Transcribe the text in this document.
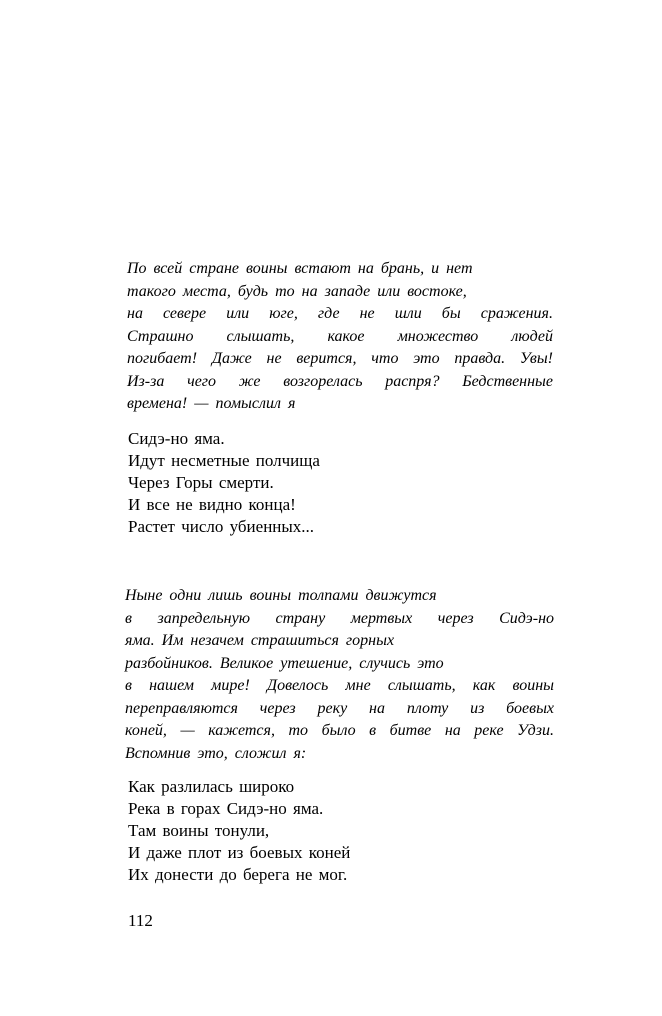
По всей стране воины встают на брань, и нет
такого места, будь то на западе или востоке,
на севере или юге, где не шли бы сражения.
Страшно слышать, какое множество людей
погибает! Даже не верится, что это правда. Увы!
Из-за чего же возгорелась распря? Бедственные
времена! — помыслил я
Сидэ-но яма.
Идут несметные полчища
Через Горы смерти.
И все не видно конца!
Растет число убиенных...
Ныне одни лишь воины толпами движутся
в запредельную страну мертвых через Сидэ-но
яма. Им незачем страшиться горных
разбойников. Великое утешение, случись это
в нашем мире! Довелось мне слышать, как воины
переправляются через реку на плоту из боевых
коней, — кажется, то было в битве на реке Удзи.
Вспомнив это, сложил я:
Как разлилась широко
Река в горах Сидэ-но яма.
Там воины тонули,
И даже плот из боевых коней
Их донести до берега не мог.
112
